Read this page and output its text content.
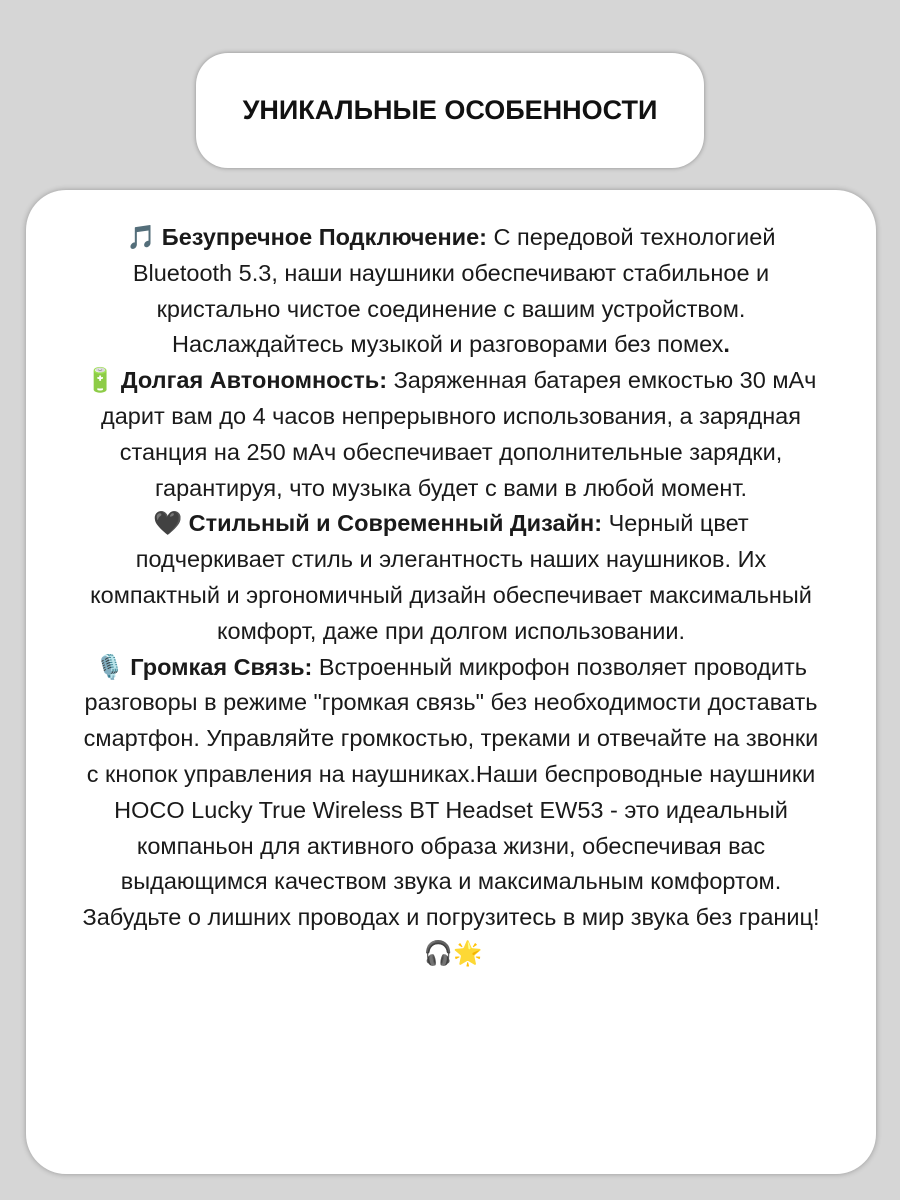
УНИКАЛЬНЫЕ ОСОБЕННОСТИ
🎵 Безупречное Подключение: С передовой технологией Bluetooth 5.3, наши наушники обеспечивают стабильное и кристально чистое соединение с вашим устройством. Наслаждайтесь музыкой и разговорами без помех.
🔋 Долгая Автономность: Заряженная батарея емкостью 30 мАч дарит вам до 4 часов непрерывного использования, а зарядная станция на 250 мАч обеспечивает дополнительные зарядки, гарантируя, что музыка будет с вами в любой момент.
🖤 Стильный и Современный Дизайн: Черный цвет подчеркивает стиль и элегантность наших наушников. Их компактный и эргономичный дизайн обеспечивает максимальный комфорт, даже при долгом использовании.
🎙️ Громкая Связь: Встроенный микрофон позволяет проводить разговоры в режиме "громкая связь" без необходимости доставать смартфон. Управляйте громкостью, треками и отвечайте на звонки с кнопок управления на наушниках.Наши беспроводные наушники HOCO Lucky True Wireless BT Headset EW53 - это идеальный компаньон для активного образа жизни, обеспечивая вас выдающимся качеством звука и максимальным комфортом. Забудьте о лишних проводах и погрузитесь в мир звука без границ!🎧🌟
